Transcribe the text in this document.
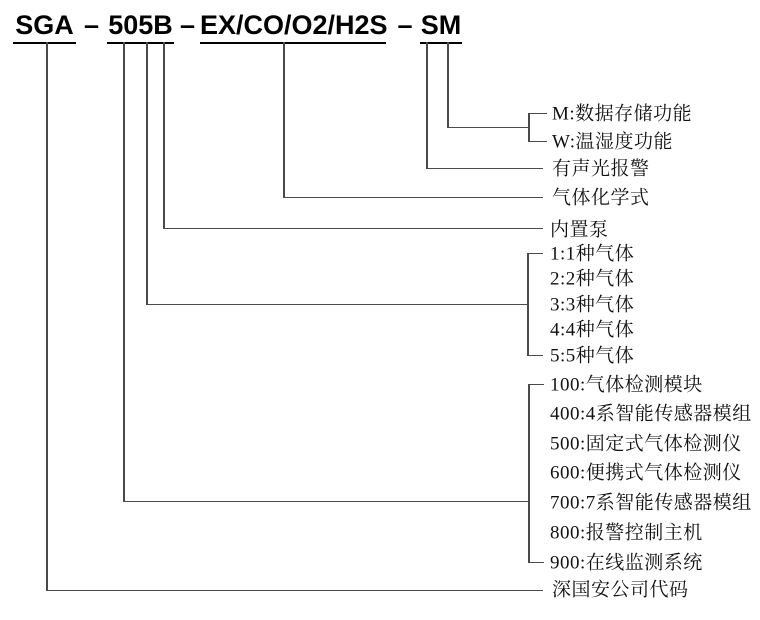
SGA – 505B – EX/CO/O2/H2S – SM
M:数据存储功能
W:温湿度功能
有声光报警
气体化学式
内置泵
1:1种气体
2:2种气体
3:3种气体
4:4种气体
5:5种气体
100:气体检测模块
400:4系智能传感器模组
500:固定式气体检测仪
600:便携式气体检测仪
700:7系智能传感器模组
800:报警控制主机
900:在线监测系统
深国安公司代码
